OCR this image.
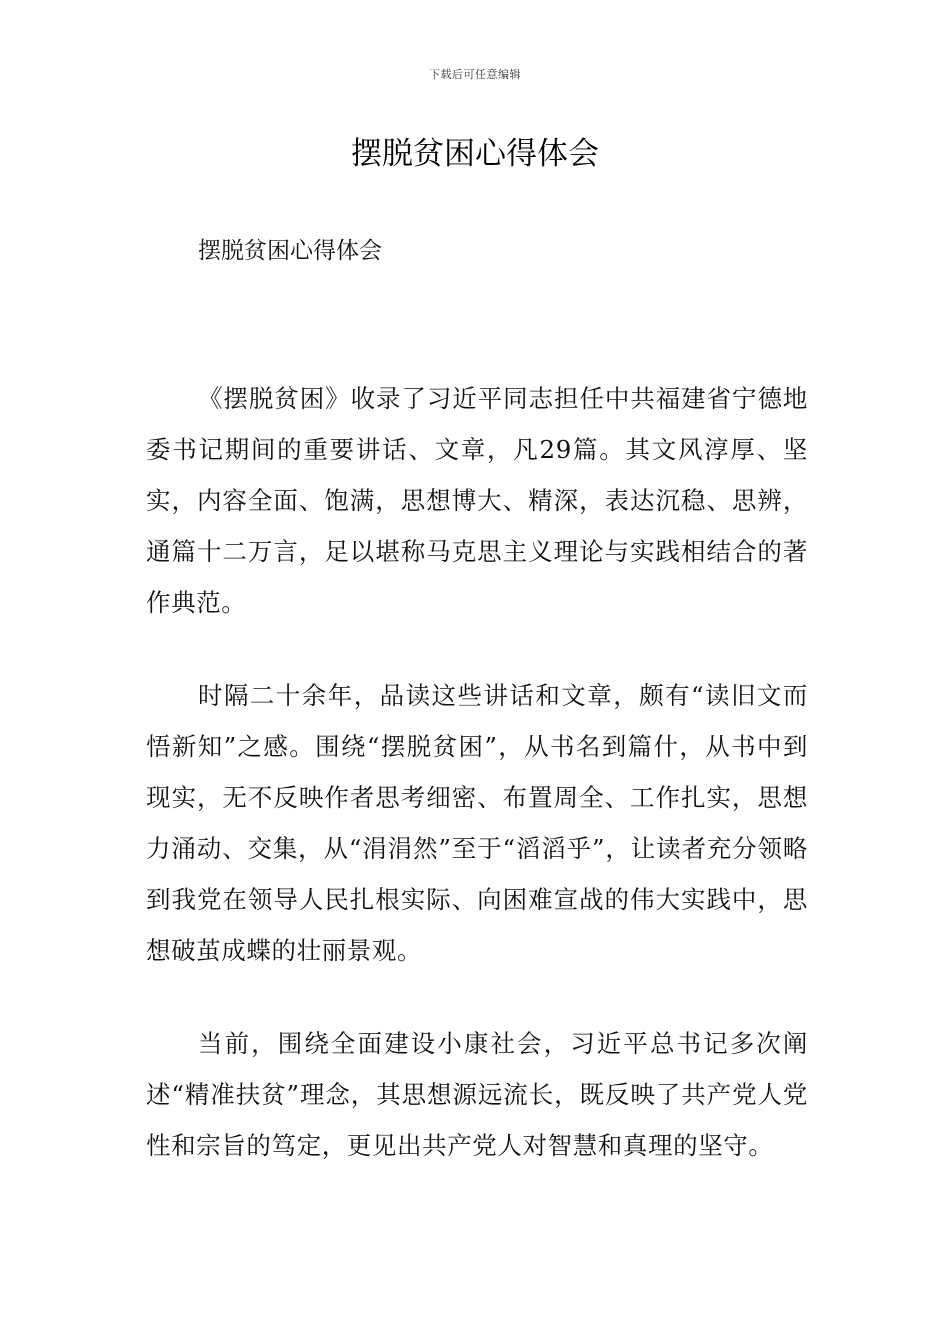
下载后可任意编辑
摆脱贫困心得体会

摆脱贫困心得体会

《摆脱贫困》收录了习近平同志担任中共福建省宁德地委书记期间的重要讲话、文章，凡29篇。其文风淳厚、坚实，内容全面、饱满，思想博大、精深，表达沉稳、思辨，通篇十二万言，足以堪称马克思主义理论与实践相结合的著作典范。

时隔二十余年，品读这些讲话和文章，颇有“读旧文而悟新知”之感。围绕“摆脱贫困”，从书名到篇什，从书中到现实，无不反映作者思考细密、布置周全、工作扎实，思想力涌动、交集，从“涓涓然”至于“滔滔乎”，让读者充分领略到我党在领导人民扎根实际、向困难宣战的伟大实践中，思想破茧成蝶的壮丽景观。

当前，围绕全面建设小康社会，习近平总书记多次阐述“精准扶贫”理念，其思想源远流长，既反映了共产党人党性和宗旨的笃定，更见出共产党人对智慧和真理的坚守。
